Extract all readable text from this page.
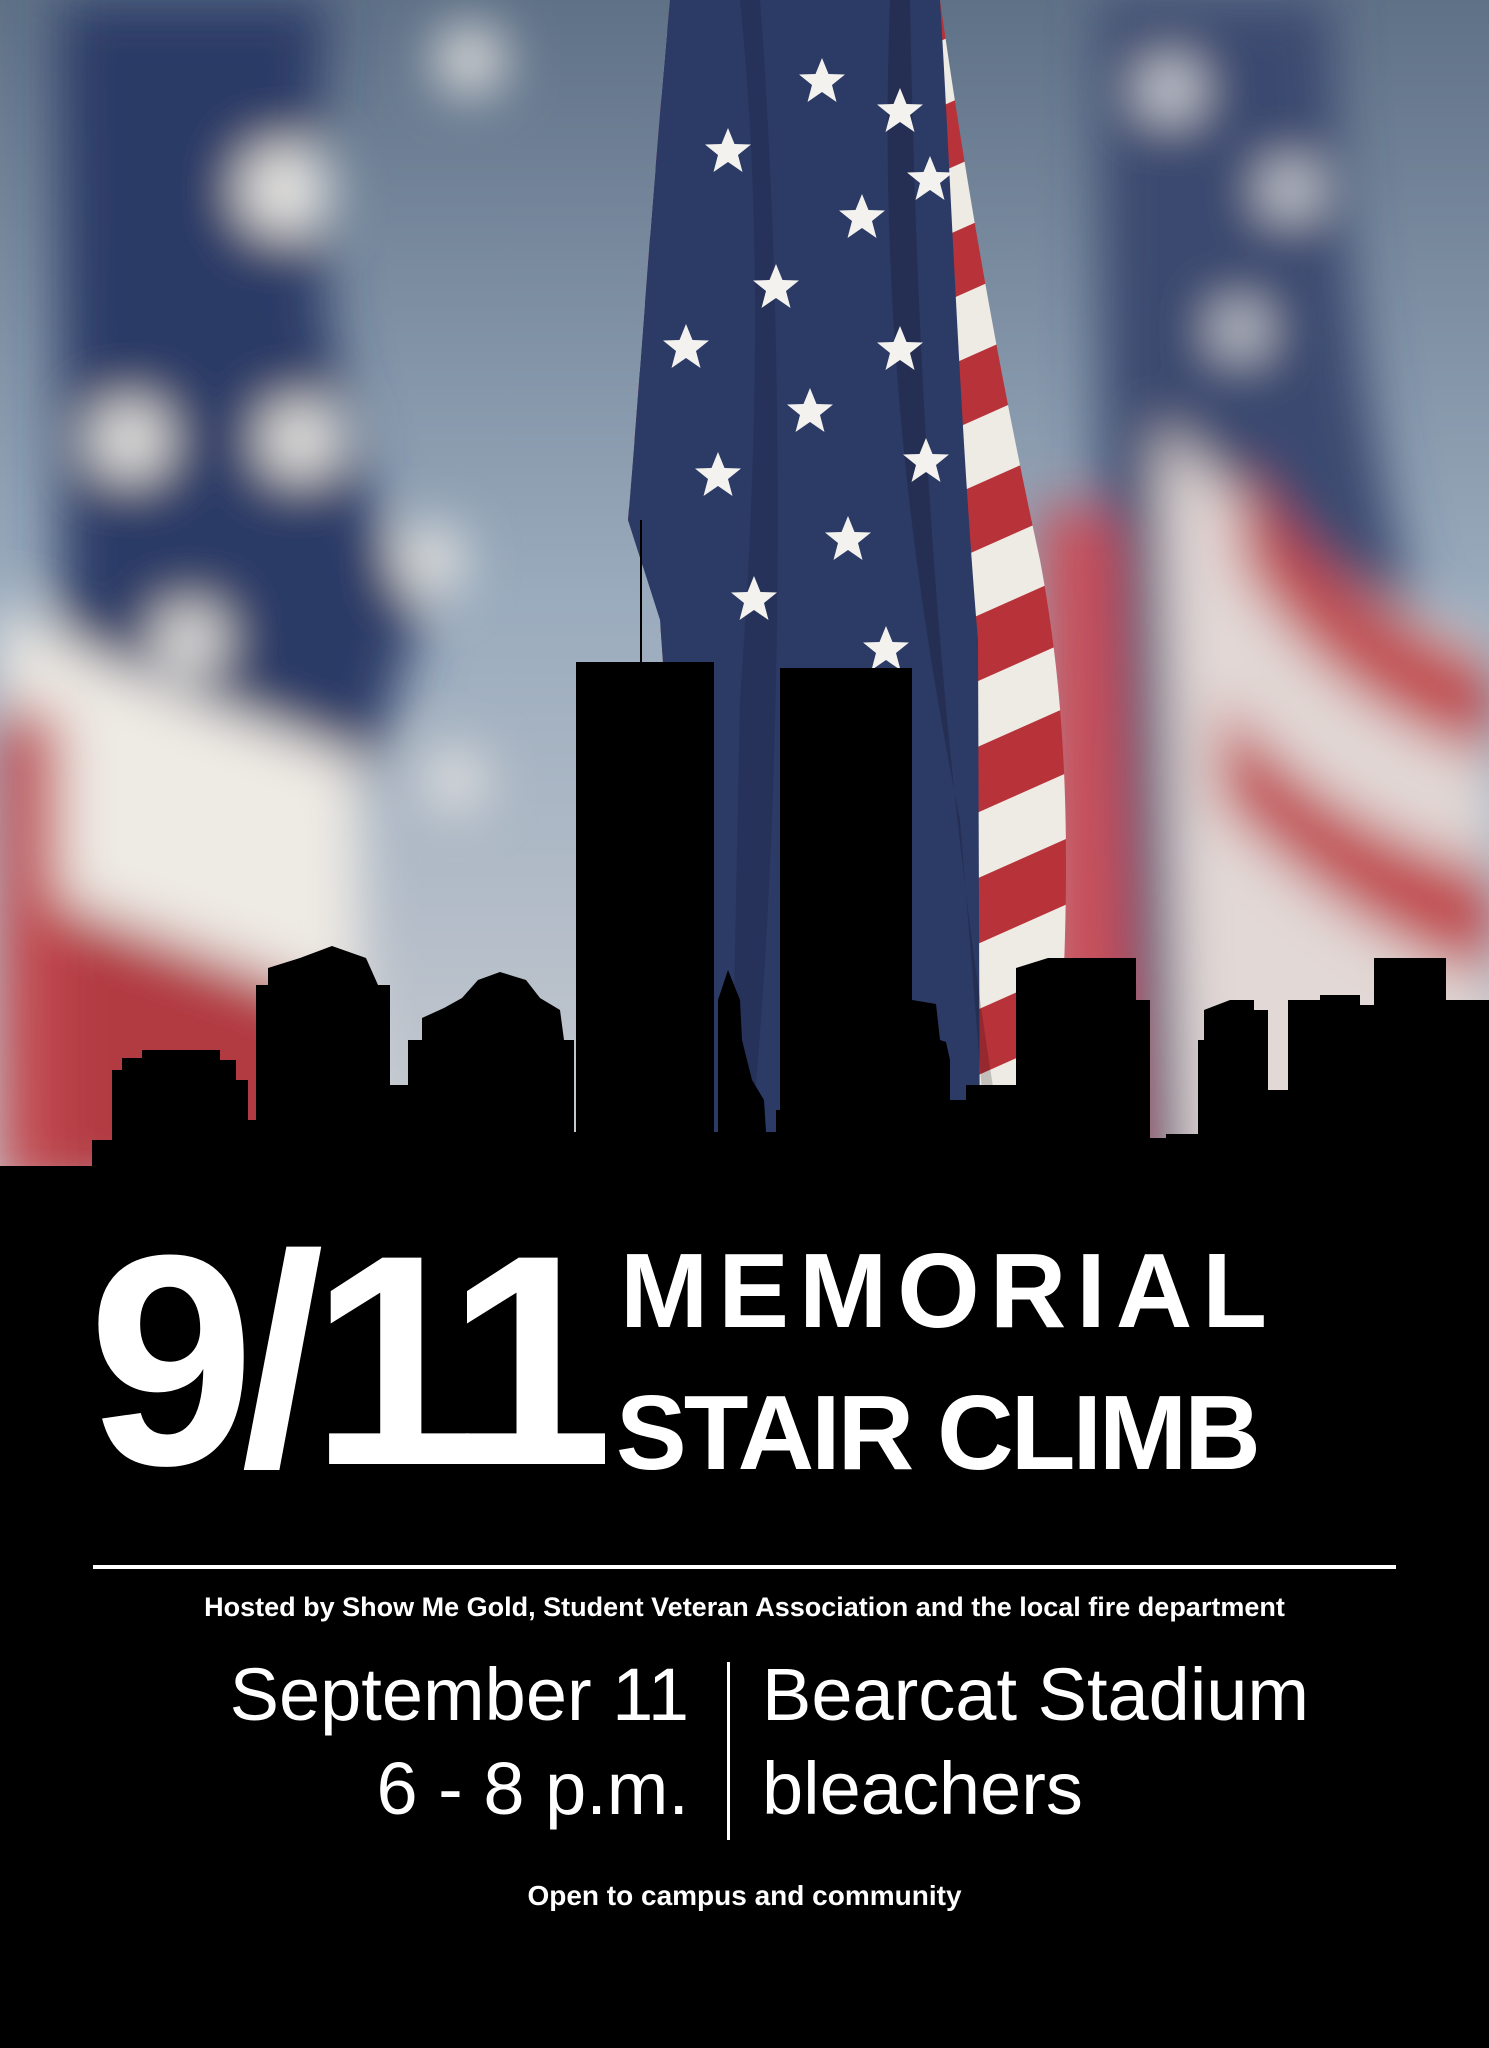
9/11 MEMORIAL
STAIR CLIMB
Hosted by Show Me Gold, Student Veteran Association and the local fire department
September 11
6 - 8 p.m.
Bearcat Stadium
bleachers
Open to campus and community
